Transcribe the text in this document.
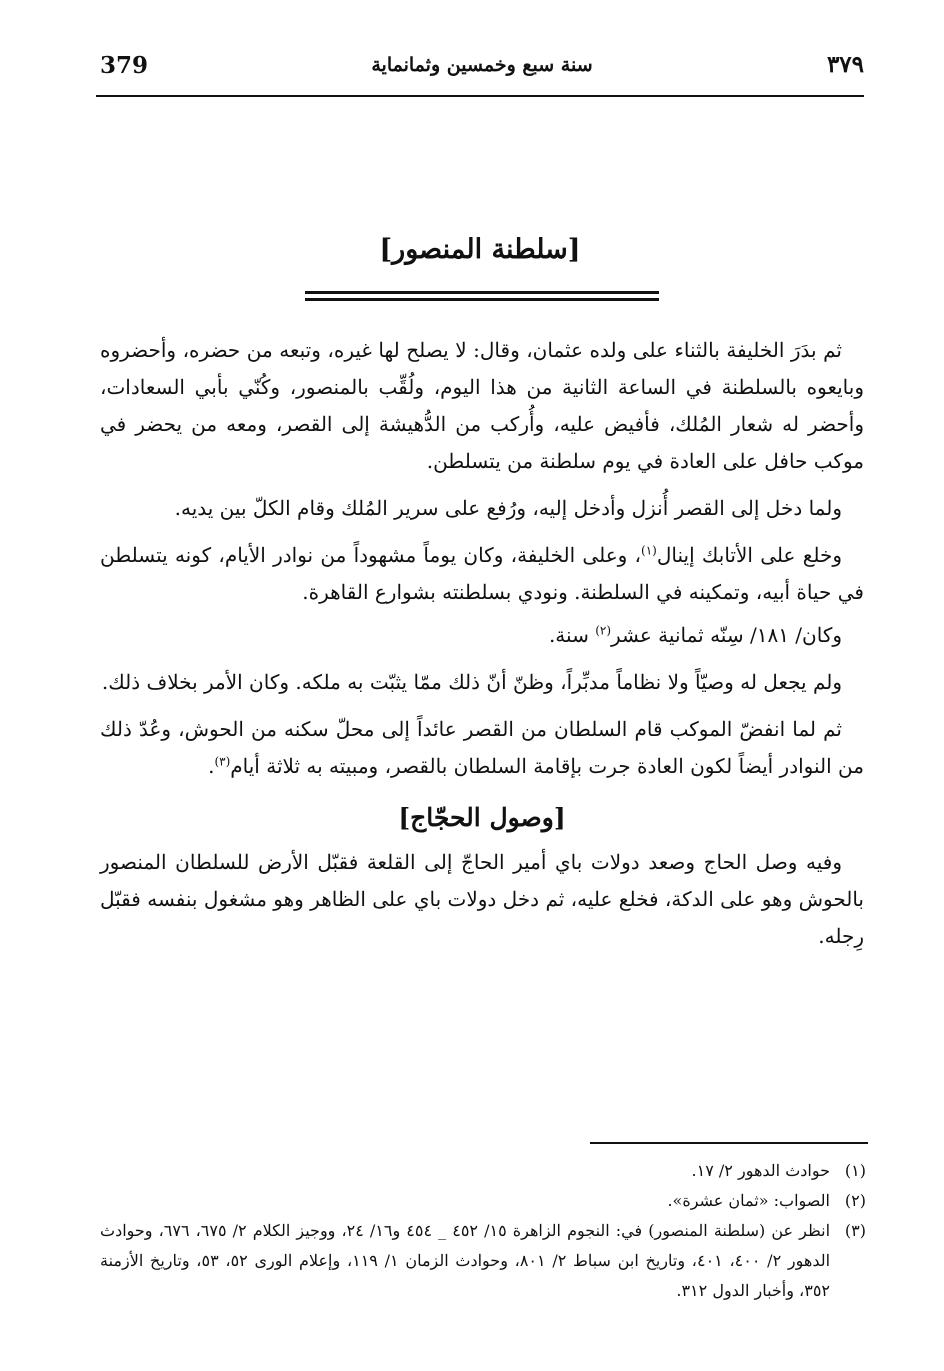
379	سنة سبع وخمسين وثمانماية	٣٧٩
[سلطنة المنصور]

ثم بدَرَ الخليفة بالثناء على ولده عثمان، وقال: لا يصلح لها غيره، وتبعه من حضره، وأحضروه وبايعوه بالسلطنة في الساعة الثانية من هذا اليوم، ولُقِّب بالمنصور، وكُنّي بأبي السعادات، وأحضر له شعار المُلك، فأفيض عليه، وأُركب من الدُّهيشة إلى القصر، ومعه من يحضر في موكب حافل على العادة في يوم سلطنة من يتسلطن.

ولما دخل إلى القصر أُنزل وأدخل إليه، ورُفع على سرير المُلك وقام الكلّ بين يديه.

وخلع على الأتابك إينال$^{(١)}$، وعلى الخليفة، وكان يوماً مشهوداً من نوادر الأيام، كونه يتسلطن في حياة أبيه، وتمكينه في السلطنة. ونودي بسلطنته بشوارع القاهرة.

وكان/ ١٨١/ سِنّه ثمانية عشر$^{(٢)}$ سنة.

ولم يجعل له وصيّاً ولا نظاماً مدبِّراً، وظنّ أنّ ذلك ممّا يثبّت به ملكه. وكان الأمر بخلاف ذلك.

ثم لما انفضّ الموكب قام السلطان من القصر عائداً إلى محلّ سكنه من الحوش، وعُدّ ذلك من النوادر أيضاً لكون العادة جرت بإقامة السلطان بالقصر، ومبيته به ثلاثة أيام$^{(٣)}$.

[وصول الحجّاج]

وفيه وصل الحاج وصعد دولات باي أمير الحاجّ إلى القلعة فقبّل الأرض للسلطان المنصور بالحوش وهو على الدكة، فخلع عليه، ثم دخل دولات باي على الظاهر وهو مشغول بنفسه فقبّل رِجله.

(١)
حوادث الدهور ٢/ ١٧.
(٢)
الصواب: «ثمان عشرة».
(٣)
انظر عن (سلطنة المنصور) في: النجوم الزاهرة ١٥/ ٤٥٢ _ ٤٥٤ و١٦/ ٢٤، ووجيز الكلام ٢/ ٦٧٥، ٦٧٦، وحوادث الدهور ٢/ ٤٠٠، ٤٠١، وتاريخ ابن سباط ٢/ ٨٠١، وحوادث الزمان ١/ ١١٩، وإعلام الورى ٥٢، ٥٣، وتاريخ الأزمنة ٣٥٢، وأخبار الدول ٣١٢.
